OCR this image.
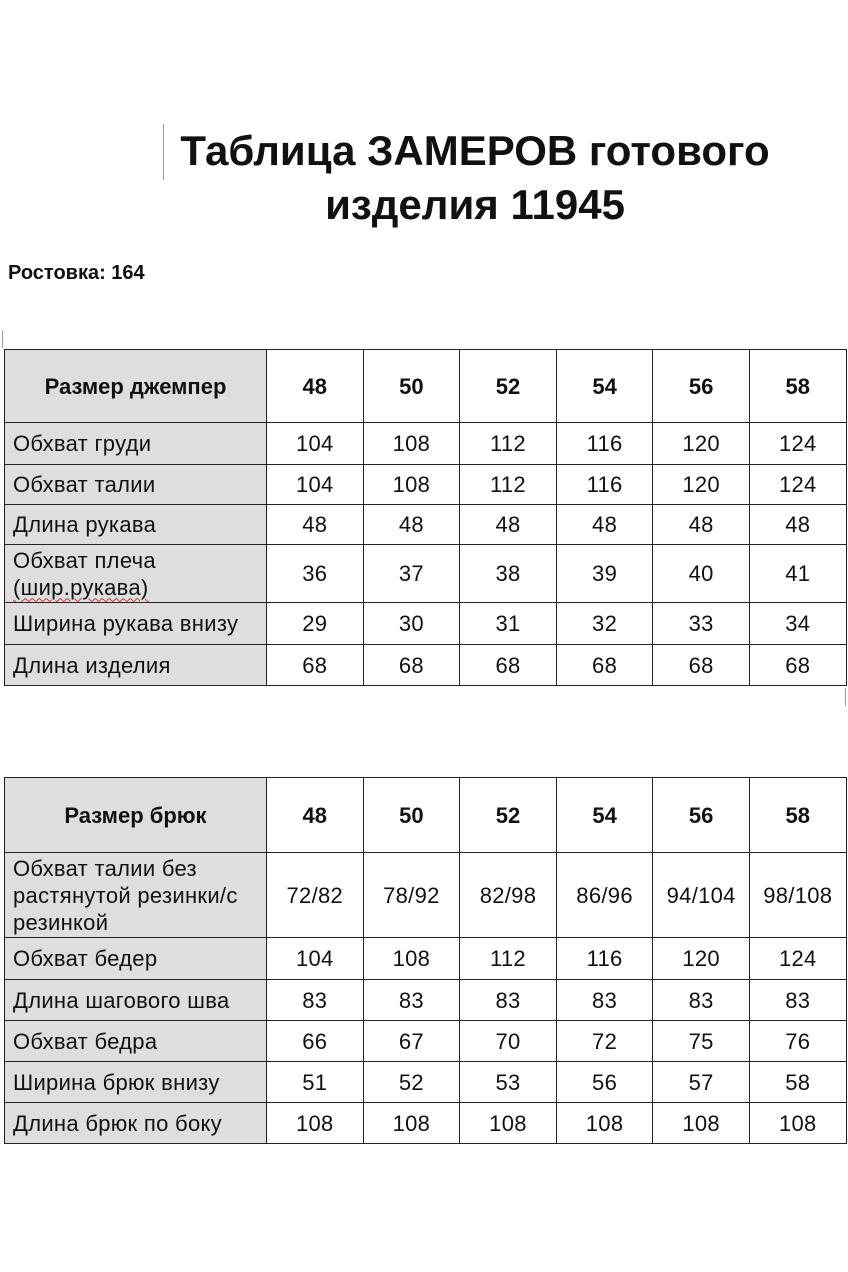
Таблица ЗАМЕРОВ готового
изделия 11945
Ростовка: 164
Размер джемпер	48	50	52	54	56	58
Обхват груди	104	108	112	116	120	124
Обхват талии	104	108	112	116	120	124
Длина рукава	48	48	48	48	48	48

Обхват плеча
(шир.рукава)	36	37	38	39	40	41
Ширина рукава внизу	29	30	31	32	33	34
Длина изделия	68	68	68	68	68	68
Размер брюк	48	50	52	54	56	58

Обхват талии без
растянутой резинки/с
резинкой	72/82	78/92	82/98	86/96	94/104	98/108
Обхват бедер	104	108	112	116	120	124
Длина шагового шва	83	83	83	83	83	83
Обхват бедра	66	67	70	72	75	76
Ширина брюк внизу	51	52	53	56	57	58
Длина брюк по боку	108	108	108	108	108	108
